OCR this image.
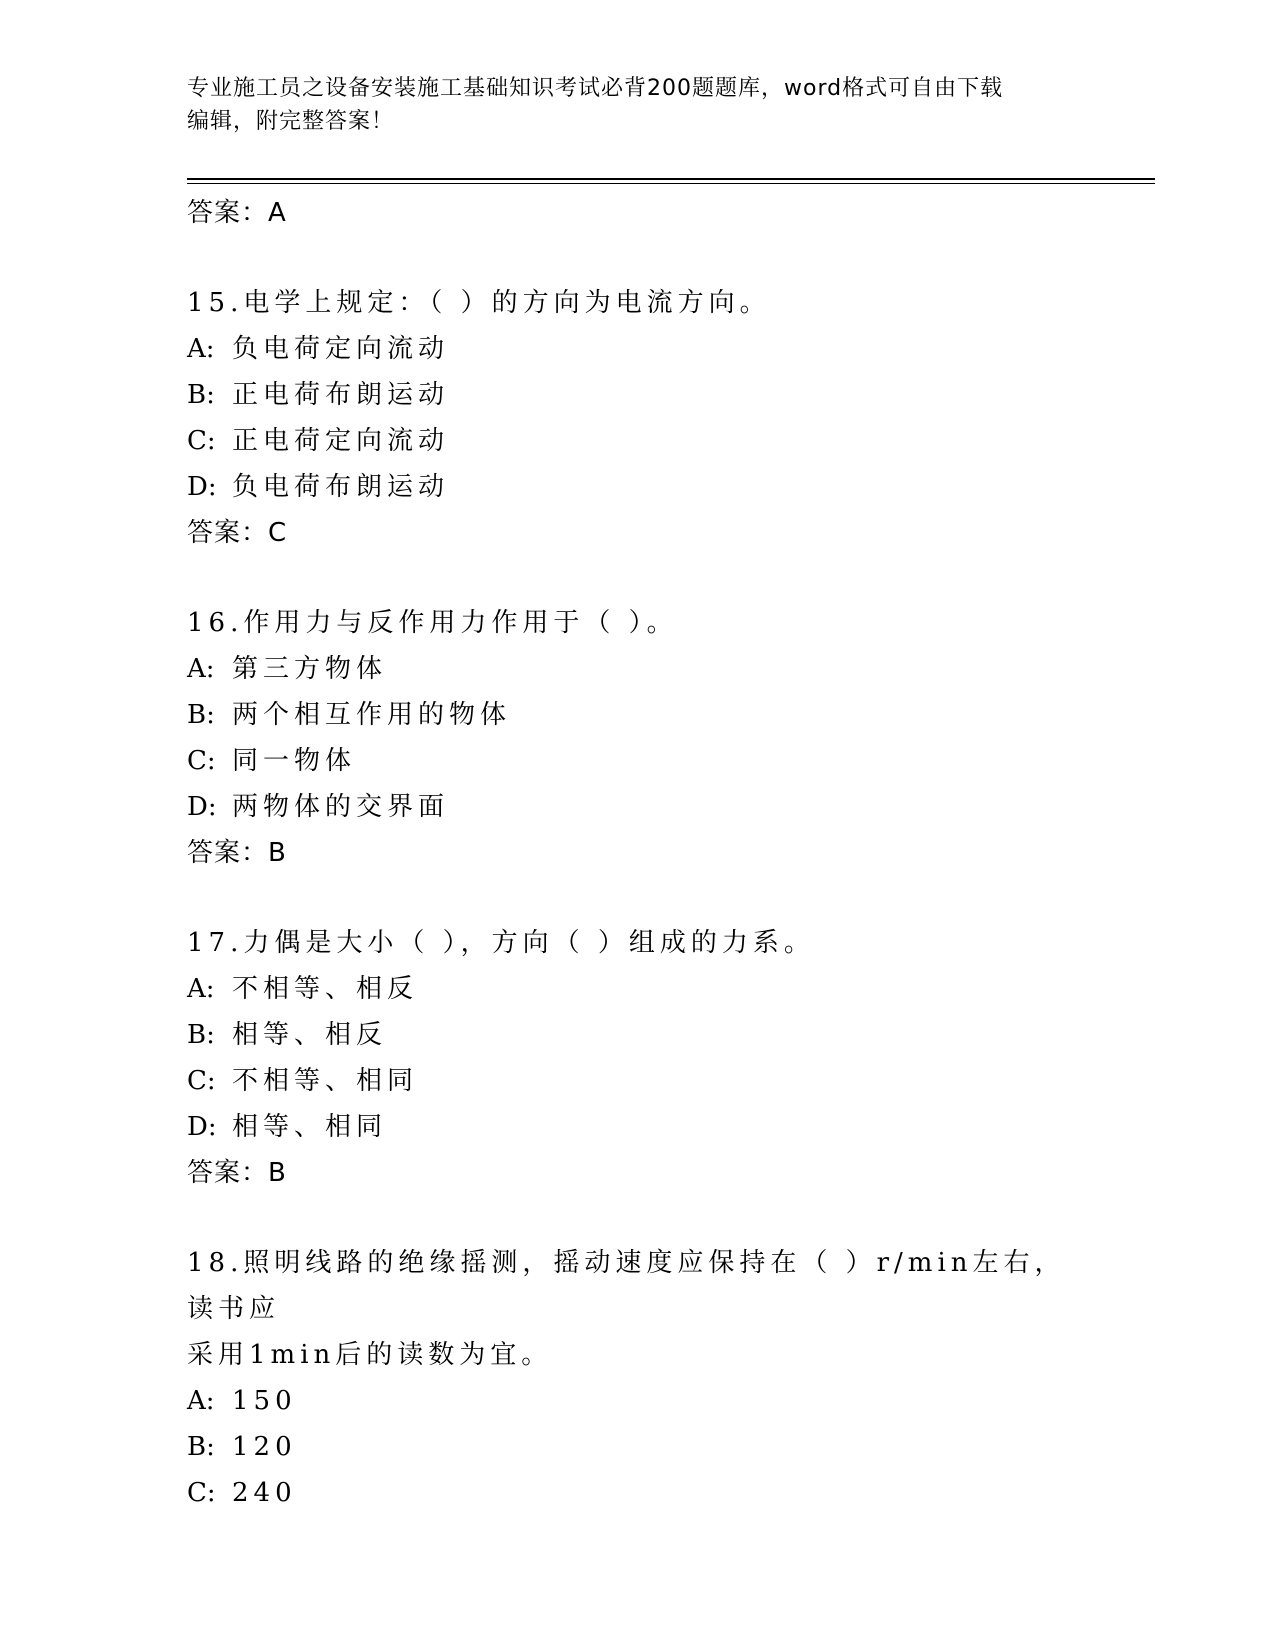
专业施工员之设备安装施工基础知识考试必背200题题库，word格式可自由下载
编辑，附完整答案！
答案：A
15.电学上规定：（ ）的方向为电流方向。
A: 负电荷定向流动
B: 正电荷布朗运动
C: 正电荷定向流动
D: 负电荷布朗运动
答案：C
16.作用力与反作用力作用于（ ）。
A: 第三方物体
B: 两个相互作用的物体
C: 同一物体
D: 两物体的交界面
答案：B
17.力偶是大小（ ），方向（ ）组成的力系。
A: 不相等、相反
B: 相等、相反
C: 不相等、相同
D: 相等、相同
答案：B
18.照明线路的绝缘摇测，摇动速度应保持在（ ）r/min左右，读书应
采用1min后的读数为宜。
A: 150
B: 120
C: 240
